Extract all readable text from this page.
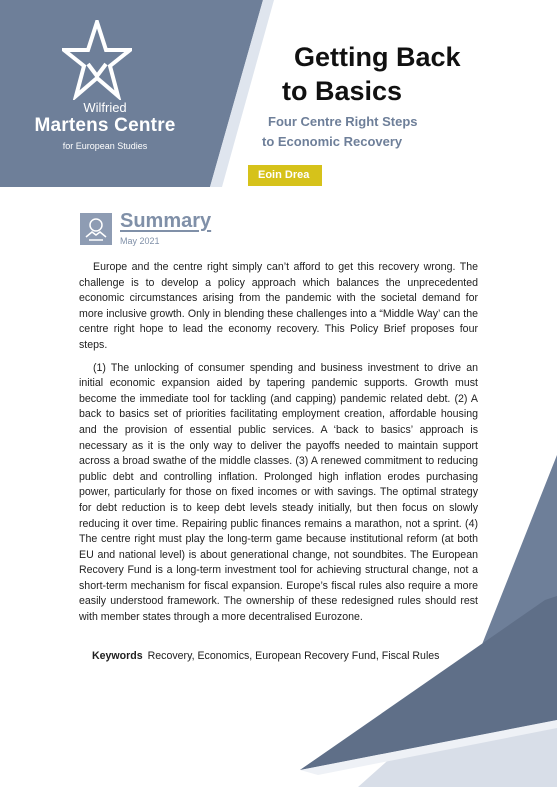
Wilfried
Martens Centre
for European Studies
Getting Back
to Basics
Four Centre Right Steps
to Economic Recovery
Eoin Drea
Summary
May 2021

Europe and the centre right simply can’t afford to get this recovery wrong. The challenge is to develop a policy approach which balances the unprecedented economic circumstances arising from the pandemic with the societal demand for more inclusive growth. Only in blending these challenges into a “Middle Way’ can the centre right hope to lead the economy recovery. This Policy Brief proposes four steps.

(1) The unlocking of consumer spending and business investment to drive an initial economic expansion aided by tapering pandemic supports. Growth must become the immediate tool for tackling (and capping) pandemic related debt. (2) A back to basics set of priorities facilitating employment creation, affordable housing and the provision of essential public services. A ‘back to basics’ approach is necessary as it is the only way to deliver the payoffs needed to maintain support across a broad swathe of the middle classes. (3) A renewed commitment to reducing public debt and controlling inflation. Prolonged high inflation erodes purchasing power, particularly for those on fixed incomes or with savings. The optimal strategy for debt reduction is to keep debt levels steady initially, but then focus on slowly reducing it over time. Repairing public finances remains a marathon, not a sprint. (4) The centre right must play the long-term game because institutional reform (at both EU and national level) is about generational change, not soundbites. The European Recovery Fund is a long-term investment tool for achieving structural change, not a short-term mechanism for fiscal expansion. Europe’s fiscal rules also require a more easily understood framework. The ownership of these redesigned rules should rest with member states through a more decentralised Eurozone.

Keywords Recovery, Economics, European Recovery Fund, Fiscal Rules
